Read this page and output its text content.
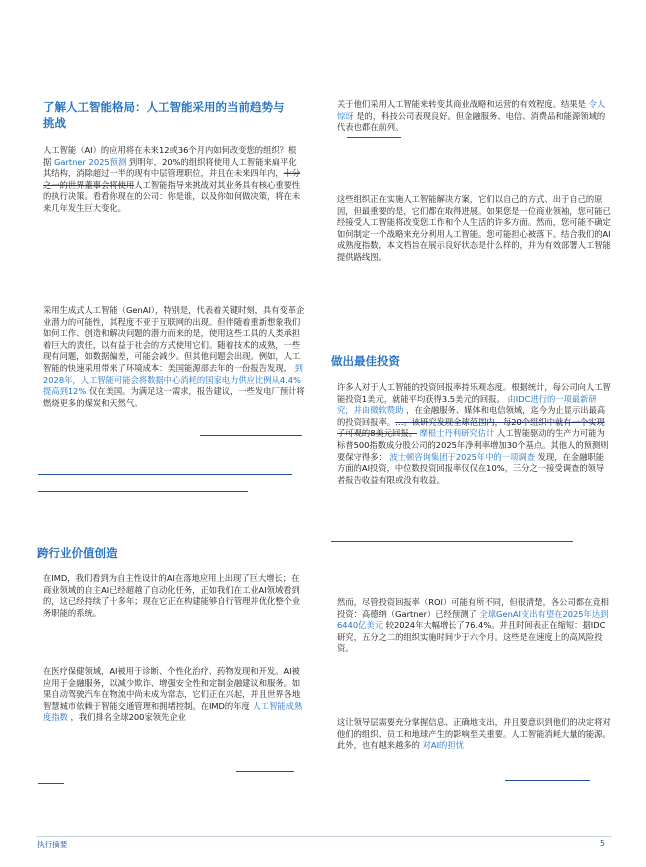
了解人工智能格局：人工智能采用的当前趋势与
挑战
人工智能（AI）的应用将在未来12或36个月内如何改变您的组织？根据 Gartner 2025预测 到明年，20%的组织将使用人工智能来扁平化其结构，消除超过一半的现有中层管理职位，并且在未来四年内，十分之一的世界董事会将使用人工智能指导来挑战对其业务具有核心重要性的执行决策。看看你现在的公司：你是谁，以及你如何做决策，将在未来几年发生巨大变化。
采用生成式人工智能（GenAI），特别是，代表着关键时刻，具有变革企业潜力的可能性，其程度不亚于互联网的出现。但伴随着重新想象我们如何工作、创造和解决问题的潜力而来的是，使用这些工具的人类承担着巨大的责任，以有益于社会的方式使用它们。随着技术的成熟，一些现有问题，如数据偏差，可能会减少。但其他问题会出现。例如，人工智能的快速采用带来了环境成本：美国能源部去年的一份报告发现， 到2028年，人工智能可能会将数据中心消耗的国家电力供应比例从4.4%提高到12% 仅在美国。为满足这一需求，报告建议，一些发电厂预计将燃烧更多的煤炭和天然气。
跨行业价值创造
在IMD，我们看到为自主性设计的AI在落地应用上出现了巨大增长；在商业领域的自主AI已经超越了自动化任务，正如我们在工业AI领域看到的，这已经持续了十多年；现在它正在构建能够自行管理并优化整个业务职能的系统。
在医疗保健领域，AI被用于诊断、个性化治疗、药物发现和开发。AI被应用于金融服务，以减少欺诈、增强安全性和定制金融建议和服务。如果自动驾驶汽车在物流中尚未成为常态，它们正在兴起，并且世界各地智慧城市依赖于智能交通管理和拥堵控制。在IMD的年度 人工智能成熟度指数 ，我们排名全球200家领先企业
关于他们采用人工智能来转变其商业战略和运营的有效程度。结果是 令人惊讶 是的，科技公司表现良好。但金融服务、电信、消费品和能源领域的代表也都在前列。
这些组织正在实施人工智能解决方案，它们以自己的方式、出于自己的原因，但最重要的是，它们都在取得进展。如果您是一位商业领袖，您可能已经接受人工智能将改变您工作和个人生活的许多方面。然而，您可能不确定如何制定一个战略来充分利用人工智能。您可能担心被落下。结合我们的AI成熟度指数，本文档旨在展示良好状态是什么样的，并为有效部署人工智能提供路线图。
做出最佳投资
许多人对于人工智能的投资回报率持乐观态度。根据统计，每公司向人工智能投资1美元，就能平均获得3.5美元的回报。 由IDC进行的一项最新研究，并由微软赞助 ，在金融服务、媒体和电信领域，迄今为止显示出最高的投资回报率。…。该研究发现全球范围内，每20个组织中就有一个实现了可观的8美元回报。 摩根士丹利研究估计 人工智能驱动的生产力可能为标普500指数成分股公司的2025年净利率增加30个基点。其他人的预测则要保守得多： 波士顿咨询集团于2025年中的一项调查 发现，在金融职能方面的AI投资，中位数投资回报率仅仅在10%，三分之一接受调查的领导者报告收益有限或没有收益。
然而，尽管投资回报率（ROI）可能有所不同，但很清楚，各公司都在竞相投资：高德纳（Gartner）已经预测了 全球GenAI支出有望在2025年达到6440亿美元 较2024年大幅增长了76.4%。并且时间表正在缩短：据IDC研究，五分之二的组织实施时间少于六个月。这些是在速度上的高风险投资。
这让领导层需要充分掌握信息、正确地支出，并且要意识到他们的决定将对他们的组织、员工和地球产生的影响至关重要。人工智能消耗大量的能源。此外，也有越来越多的 对AI的担忧
执行摘要	5
